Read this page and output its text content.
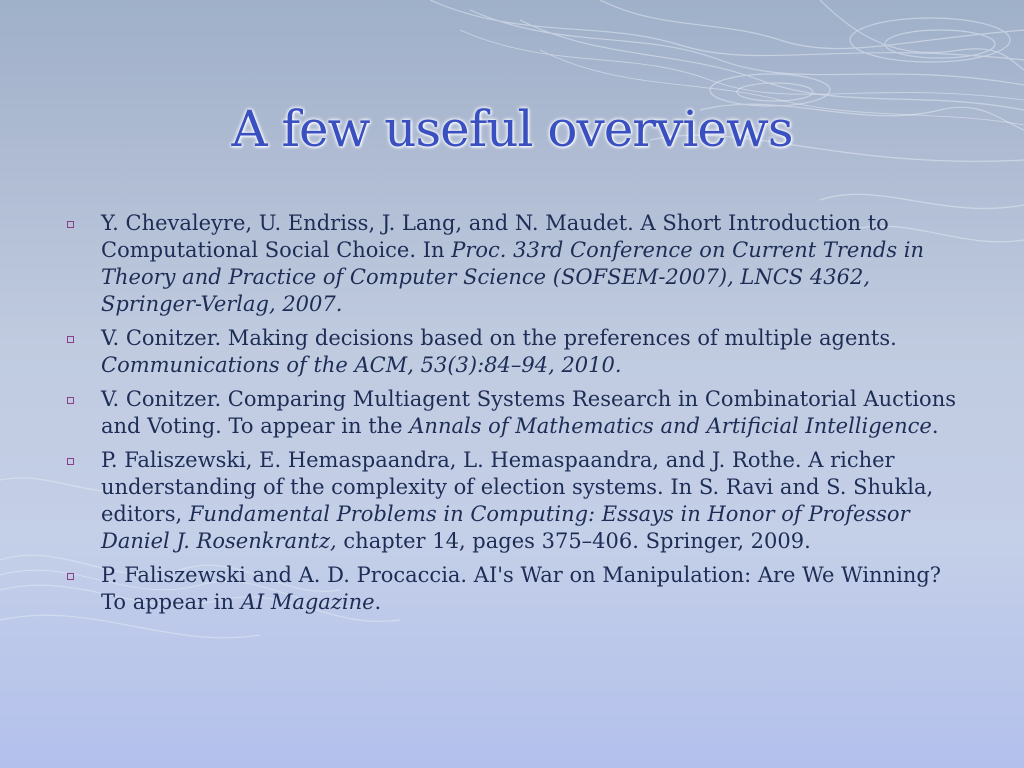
A few useful overviews
Y. Chevaleyre, U. Endriss, J. Lang, and N. Maudet. A Short Introduction to Computational Social Choice. In Proc. 33rd Conference on Current Trends in Theory and Practice of Computer Science (SOFSEM-2007), LNCS 4362, Springer-Verlag, 2007.
V. Conitzer. Making decisions based on the preferences of multiple agents. Communications of the ACM, 53(3):84–94, 2010.
V. Conitzer. Comparing Multiagent Systems Research in Combinatorial Auctions and Voting. To appear in the Annals of Mathematics and Artificial Intelligence.
P. Faliszewski, E. Hemaspaandra, L. Hemaspaandra, and J. Rothe. A richer understanding of the complexity of election systems. In S. Ravi and S. Shukla, editors, Fundamental Problems in Computing: Essays in Honor of Professor Daniel J. Rosenkrantz, chapter 14, pages 375–406. Springer, 2009.
P. Faliszewski and A. D. Procaccia. AI's War on Manipulation: Are We Winning? To appear in AI Magazine.
